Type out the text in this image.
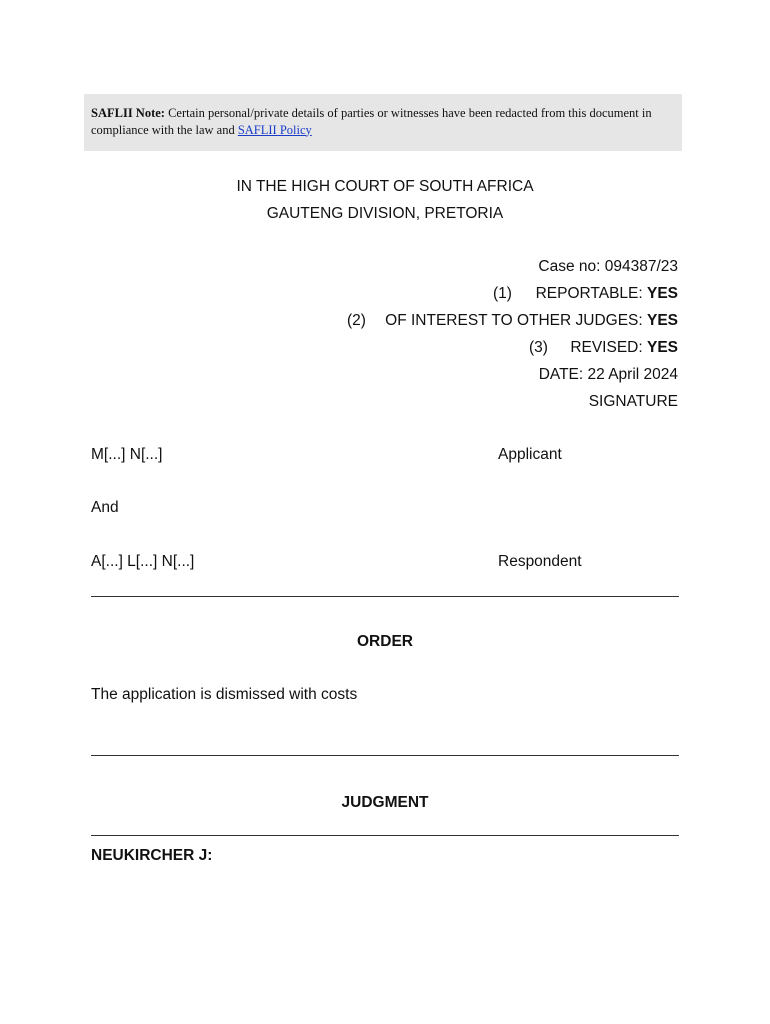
SAFLII Note: Certain personal/private details of parties or witnesses have been redacted from this document in compliance with the law and SAFLII Policy
IN THE HIGH COURT OF SOUTH AFRICA
GAUTENG DIVISION, PRETORIA
Case no: 094387/23
(1) REPORTABLE: YES
(2) OF INTEREST TO OTHER JUDGES: YES
(3) REVISED: YES
DATE: 22 April 2024
SIGNATURE
M[...] N[...]	Applicant
And
A[...] L[...] N[...]	Respondent
ORDER
The application is dismissed with costs
JUDGMENT
NEUKIRCHER J:
